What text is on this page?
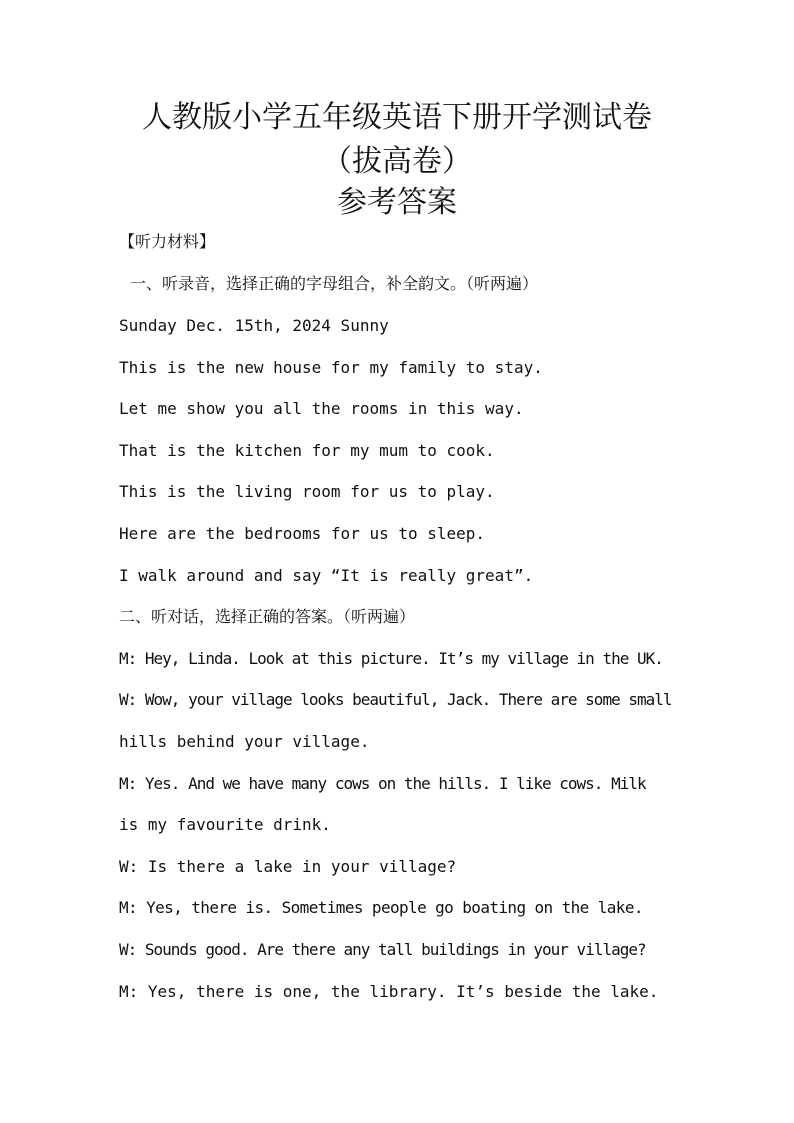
人教版小学五年级英语下册开学测试卷
（拔高卷）
参考答案
【听力材料】
一、听录音，选择正确的字母组合，补全韵文。（听两遍）
Sunday Dec. 15th, 2024 Sunny
This is the new house for my family to stay.
Let me show you all the rooms in this way.
That is the kitchen for my mum to cook.
This is the living room for us to play.
Here are the bedrooms for us to sleep.
I walk around and say “It is really great”.
二、听对话，选择正确的答案。（听两遍）
M: Hey, Linda. Look at this picture. It’s my village in the UK.
W: Wow, your village looks beautiful, Jack. There are some small
hills behind your village.
M: Yes. And we have many cows on the hills. I like cows. Milk
is my favourite drink.
W: Is there a lake in your village?
M: Yes, there is. Sometimes people go boating on the lake.
W: Sounds good. Are there any tall buildings in your village?
M: Yes, there is one, the library. It’s beside the lake.
